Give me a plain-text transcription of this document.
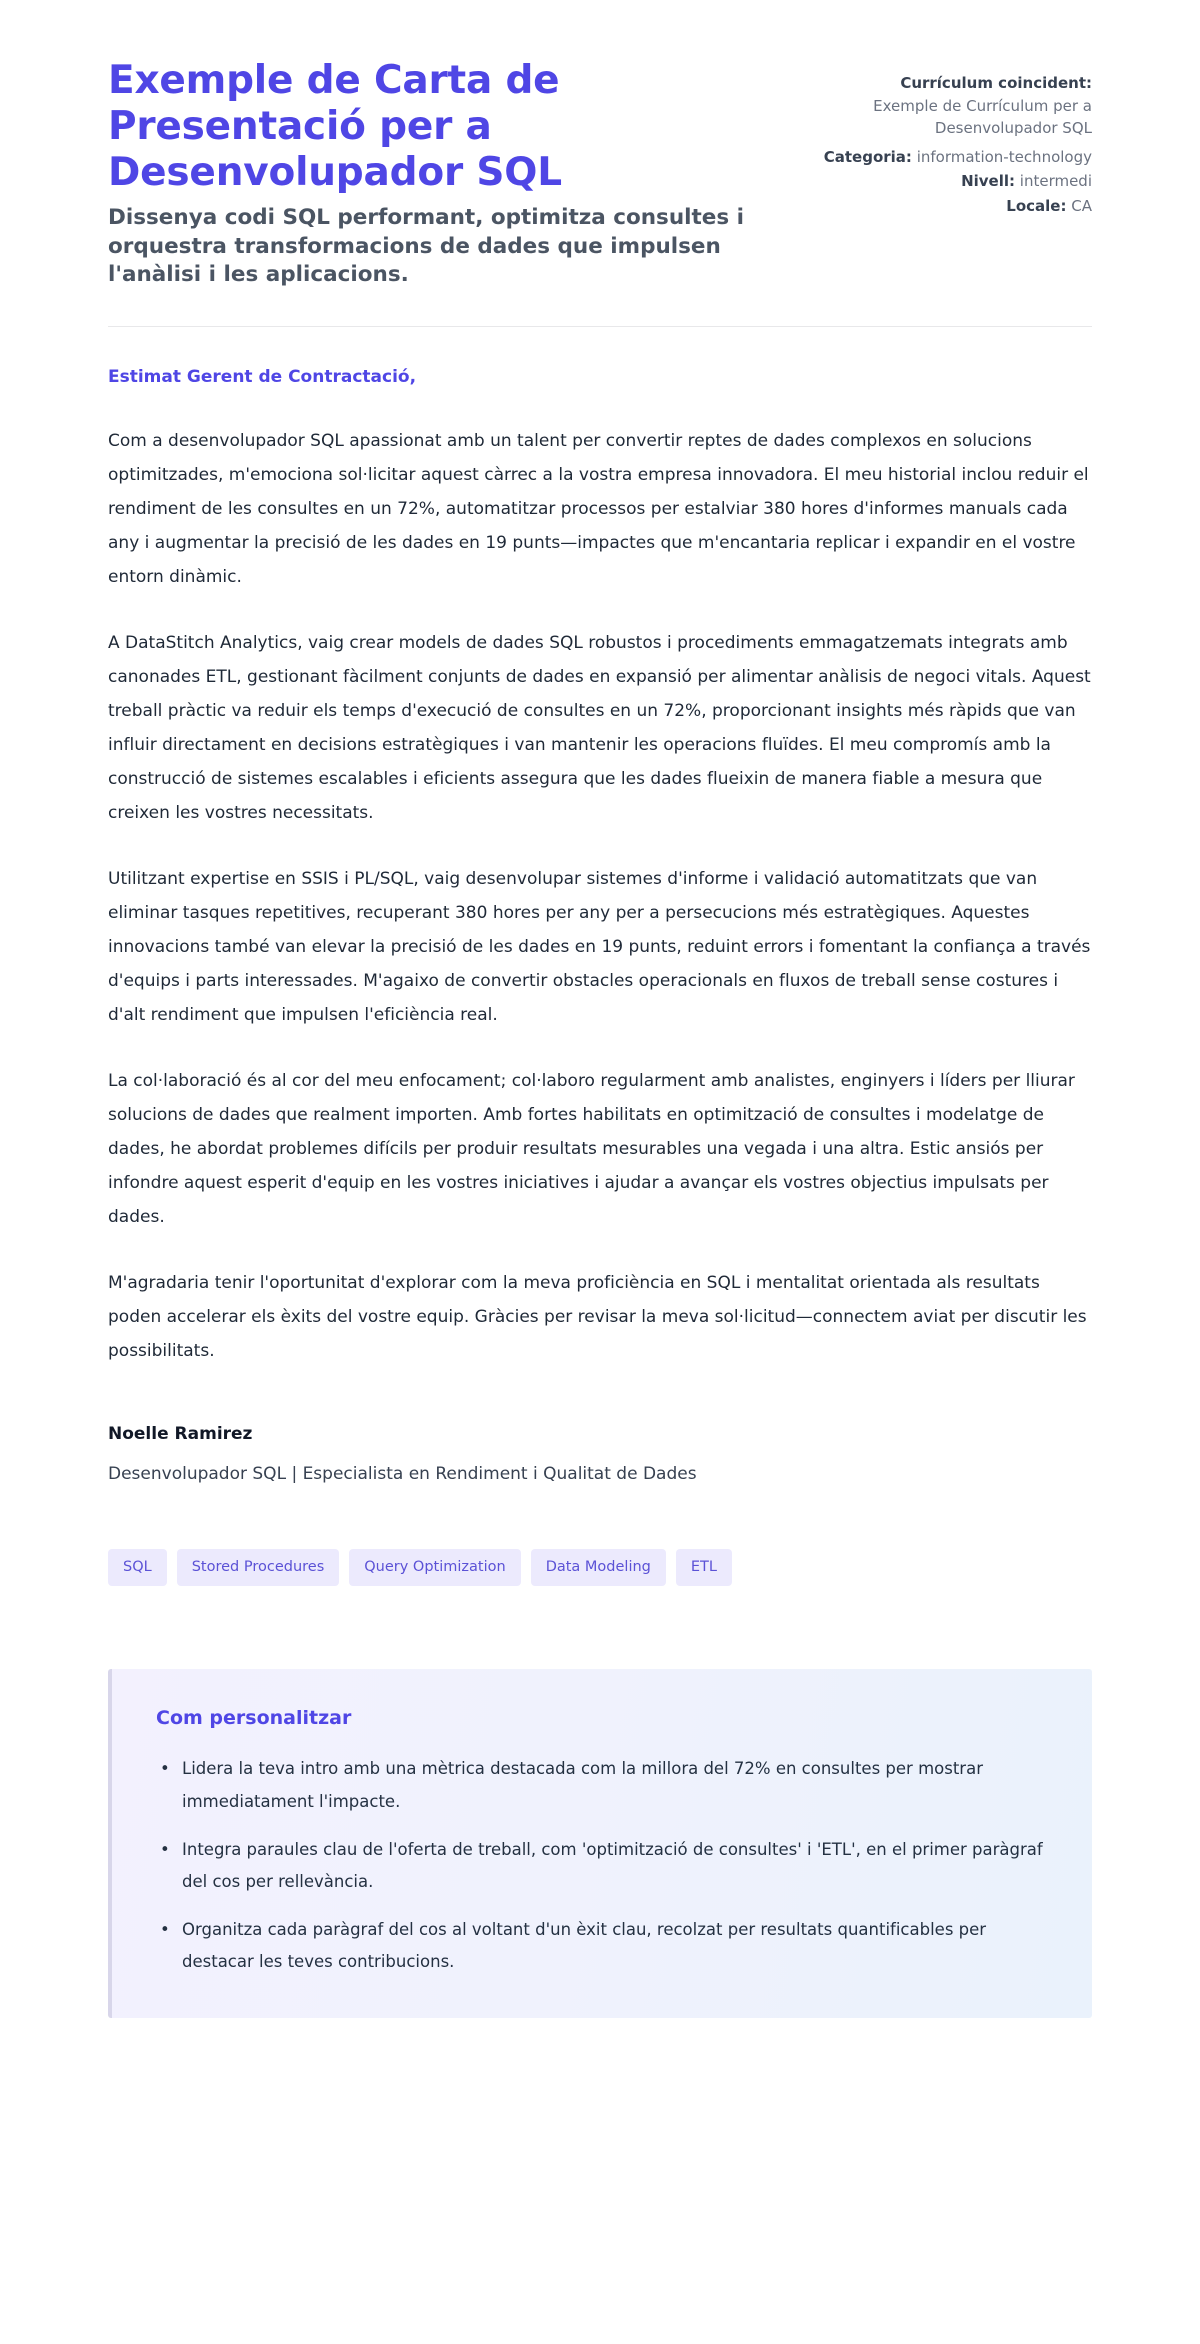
Exemple de Carta de Presentació per a Desenvolupador SQL

Dissenya codi SQL performant, optimitza consultes i orquestra transformacions de dades que impulsen l'anàlisi i les aplicacions.

Currículum coincident:
Exemple de Currículum per a Desenvolupador SQL
Categoria: information-technology
Nivell: intermedi
Locale: CA

Estimat Gerent de Contractació,

Com a desenvolupador SQL apassionat amb un talent per convertir reptes de dades complexos en solucions optimitzades, m'emociona sol·licitar aquest càrrec a la vostra empresa innovadora. El meu historial inclou reduir el rendiment de les consultes en un 72%, automatitzar processos per estalviar 380 hores d'informes manuals cada any i augmentar la precisió de les dades en 19 punts—impactes que m'encantaria replicar i expandir en el vostre entorn dinàmic.

A DataStitch Analytics, vaig crear models de dades SQL robustos i procediments emmagatzemats integrats amb canonades ETL, gestionant fàcilment conjunts de dades en expansió per alimentar anàlisis de negoci vitals. Aquest treball pràctic va reduir els temps d'execució de consultes en un 72%, proporcionant insights més ràpids que van influir directament en decisions estratègiques i van mantenir les operacions fluïdes. El meu compromís amb la construcció de sistemes escalables i eficients assegura que les dades flueixin de manera fiable a mesura que creixen les vostres necessitats.

Utilitzant expertise en SSIS i PL/SQL, vaig desenvolupar sistemes d'informe i validació automatitzats que van eliminar tasques repetitives, recuperant 380 hores per any per a persecucions més estratègiques. Aquestes innovacions també van elevar la precisió de les dades en 19 punts, reduint errors i fomentant la confiança a través d'equips i parts interessades. M'agaixo de convertir obstacles operacionals en fluxos de treball sense costures i d'alt rendiment que impulsen l'eficiència real.

La col·laboració és al cor del meu enfocament; col·laboro regularment amb analistes, enginyers i líders per lliurar solucions de dades que realment importen. Amb fortes habilitats en optimització de consultes i modelatge de dades, he abordat problemes difícils per produir resultats mesurables una vegada i una altra. Estic ansiós per infondre aquest esperit d'equip en les vostres iniciatives i ajudar a avançar els vostres objectius impulsats per dades.

M'agradaria tenir l'oportunitat d'explorar com la meva proficiència en SQL i mentalitat orientada als resultats poden accelerar els èxits del vostre equip. Gràcies per revisar la meva sol·licitud—connectem aviat per discutir les possibilitats.

Noelle Ramirez

Desenvolupador SQL | Especialista en Rendiment i Qualitat de Dades

SQL	Stored Procedures	Query Optimization	Data Modeling	ETL
Com personalitzar
• Lidera la teva intro amb una mètrica destacada com la millora del 72% en consultes per mostrar immediatament l'impacte.
• Integra paraules clau de l'oferta de treball, com 'optimització de consultes' i 'ETL', en el primer paràgraf del cos per rellevància.
• Organitza cada paràgraf del cos al voltant d'un èxit clau, recolzat per resultats quantificables per destacar les teves contribucions.
